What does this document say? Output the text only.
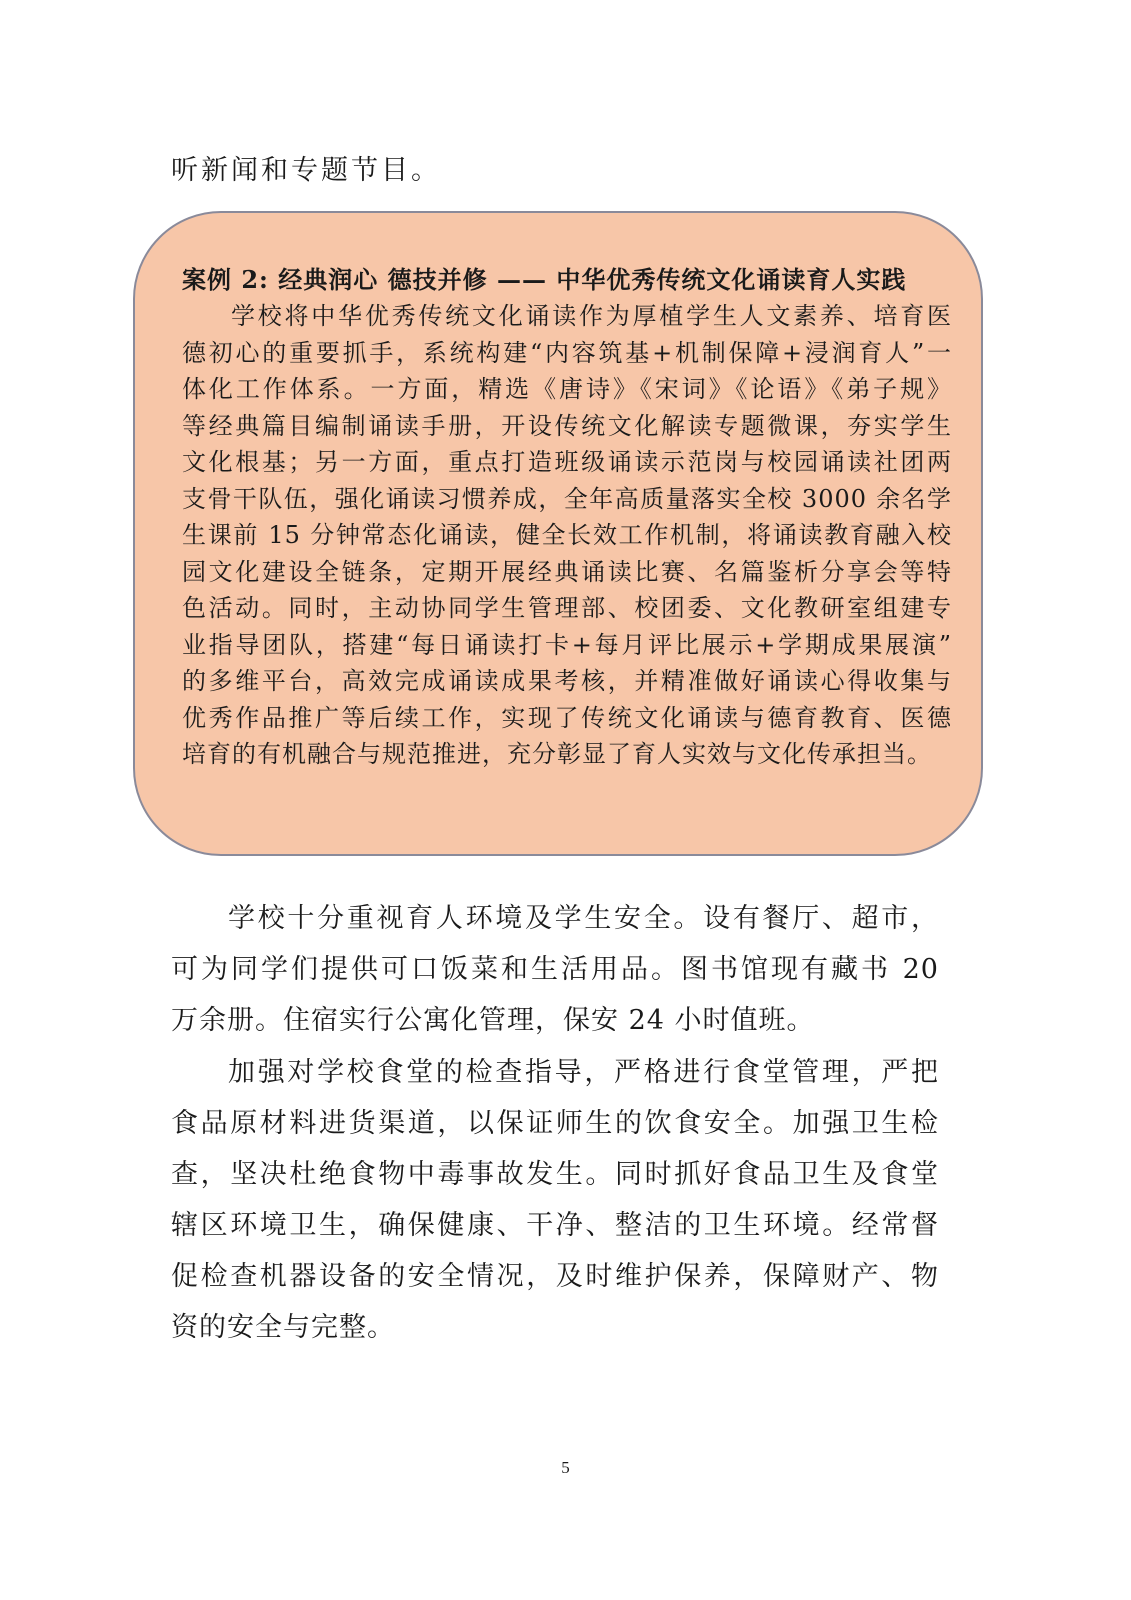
听新闻和专题节目。
案例 2: 经典润心 德技并修 —— 中华优秀传统文化诵读育人实践
学校将中华优秀传统文化诵读作为厚植学生人文素养、培育医
德初心的重要抓手，系统构建“内容筑基+机制保障+浸润育人”一
体化工作体系。一方面，精选《唐诗》《宋词》《论语》《弟子规》
等经典篇目编制诵读手册，开设传统文化解读专题微课，夯实学生
文化根基；另一方面，重点打造班级诵读示范岗与校园诵读社团两
支骨干队伍，强化诵读习惯养成，全年高质量落实全校 3000 余名学
生课前 15 分钟常态化诵读，健全长效工作机制，将诵读教育融入校
园文化建设全链条，定期开展经典诵读比赛、名篇鉴析分享会等特
色活动。同时，主动协同学生管理部、校团委、文化教研室组建专
业指导团队，搭建“每日诵读打卡+每月评比展示+学期成果展演”
的多维平台，高效完成诵读成果考核，并精准做好诵读心得收集与
优秀作品推广等后续工作，实现了传统文化诵读与德育教育、医德
培育的有机融合与规范推进，充分彰显了育人实效与文化传承担当。
学校十分重视育人环境及学生安全。设有餐厅、超市，
可为同学们提供可口饭菜和生活用品。图书馆现有藏书 20
万余册。住宿实行公寓化管理，保安 24 小时值班。
加强对学校食堂的检查指导，严格进行食堂管理，严把
食品原材料进货渠道，以保证师生的饮食安全。加强卫生检
查，坚决杜绝食物中毒事故发生。同时抓好食品卫生及食堂
辖区环境卫生，确保健康、干净、整洁的卫生环境。经常督
促检查机器设备的安全情况，及时维护保养，保障财产、物
资的安全与完整。
5
